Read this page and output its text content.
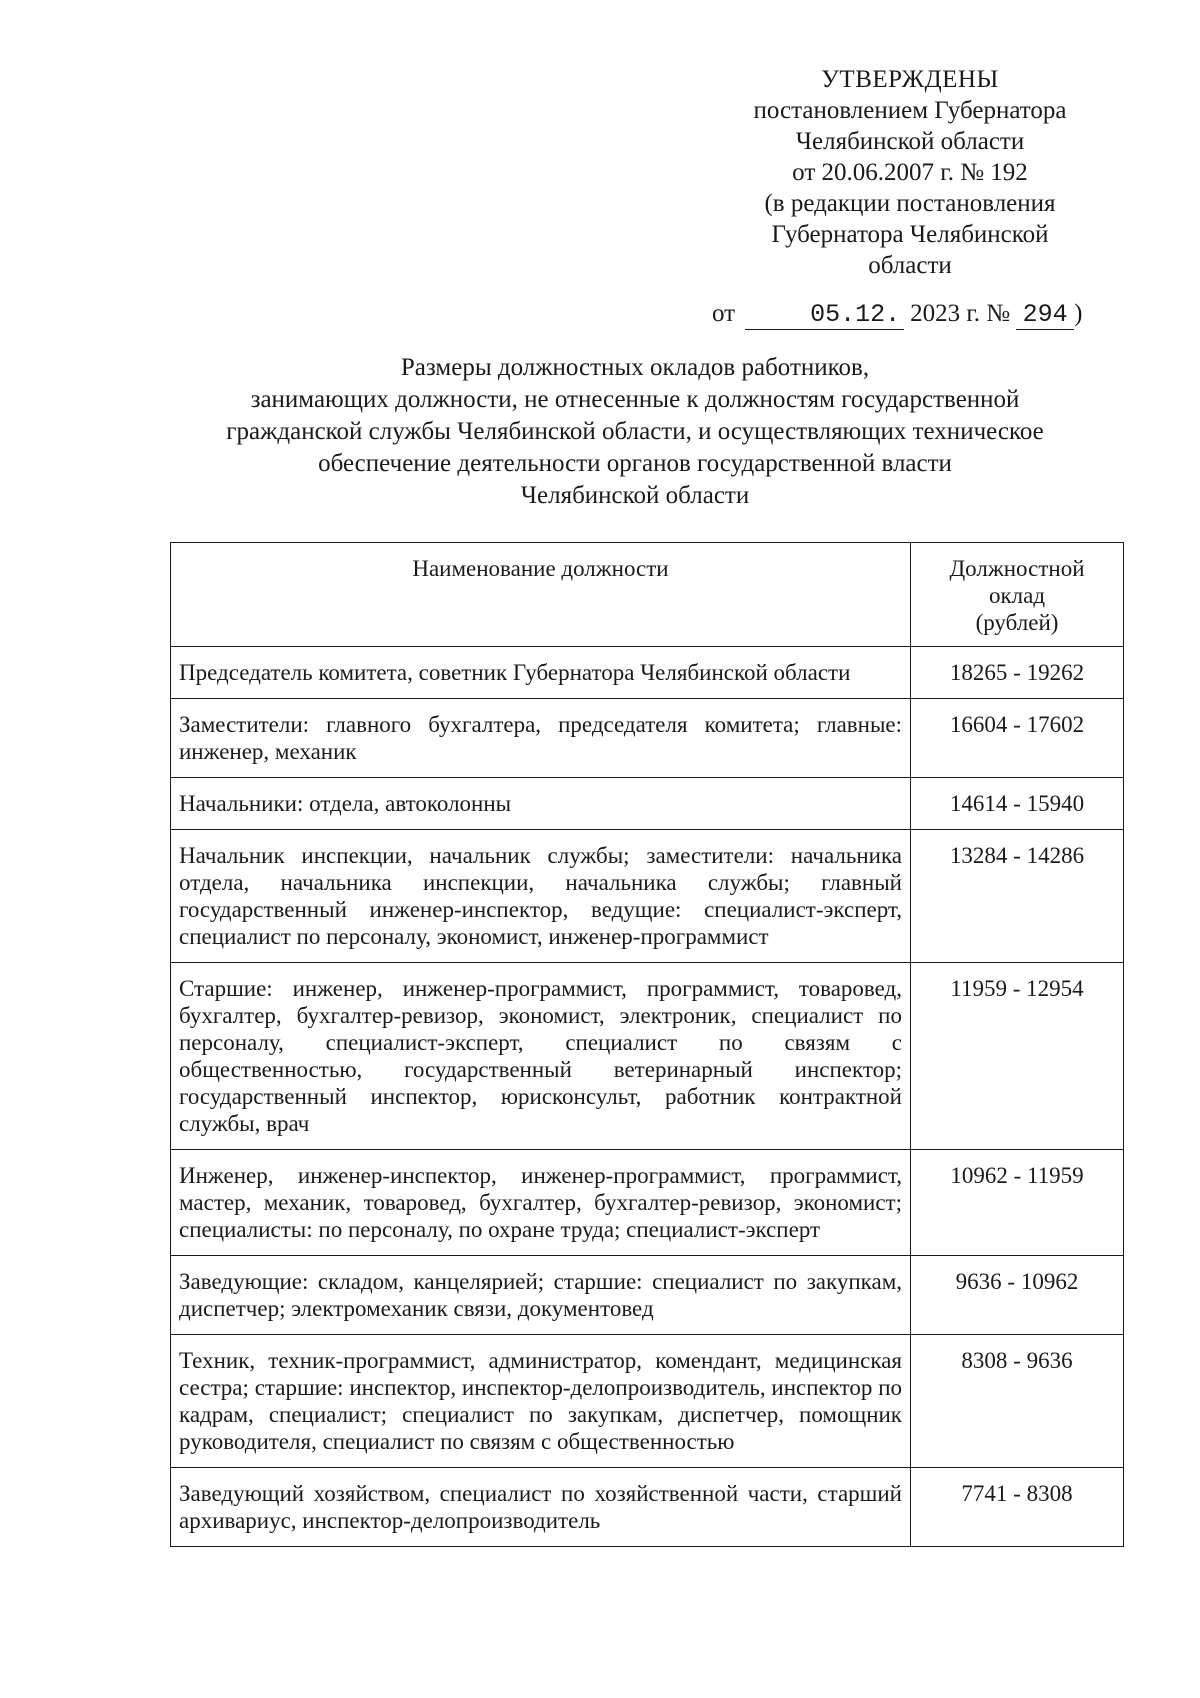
УТВЕРЖДЕНЫ
постановлением Губернатора
Челябинской области
от 20.06.2007 г. № 192
(в редакции постановления
Губернатора Челябинской
области
от	05.12. 2023 г. № 294 )
Размеры должностных окладов работников,
занимающих должности, не отнесенные к должностям государственной
гражданской службы Челябинской области, и осуществляющих техническое
обеспечение деятельности органов государственной власти
Челябинской области
Наименование должности	Должностной
оклад
(рублей)

Председатель комитета, советник Губернатора Челябинской области	18265 - 19262
Заместители: главного бухгалтера, председателя комитета; главные: инженер, механик	16604 - 17602
Начальники: отдела, автоколонны	14614 - 15940
Начальник инспекции, начальник службы; заместители: начальника отдела, начальника инспекции, начальника службы; главный государственный инженер-инспектор, ведущие: специалист-эксперт, специалист по персоналу, экономист, инженер-программист	13284 - 14286
Старшие: инженер, инженер-программист, программист, товаровед, бухгалтер, бухгалтер-ревизор, экономист, электроник, специалист по персоналу, специалист-эксперт, специалист по связям с общественностью, государственный ветеринарный инспектор; государственный инспектор, юрисконсульт, работник контрактной службы, врач	11959 - 12954
Инженер, инженер-инспектор, инженер-программист, программист, мастер, механик, товаровед, бухгалтер, бухгалтер-ревизор, экономист; специалисты: по персоналу, по охране труда; специалист-эксперт	10962 - 11959
Заведующие: складом, канцелярией; старшие: специалист по закупкам, диспетчер; электромеханик связи, документовед	9636 - 10962
Техник, техник-программист, администратор, комендант, медицинская сестра; старшие: инспектор, инспектор-делопроизводитель, инспектор по кадрам, специалист; специалист по закупкам, диспетчер, помощник руководителя, специалист по связям с общественностью	8308 - 9636
Заведующий хозяйством, специалист по хозяйственной части, старший архивариус, инспектор-делопроизводитель	7741 - 8308
